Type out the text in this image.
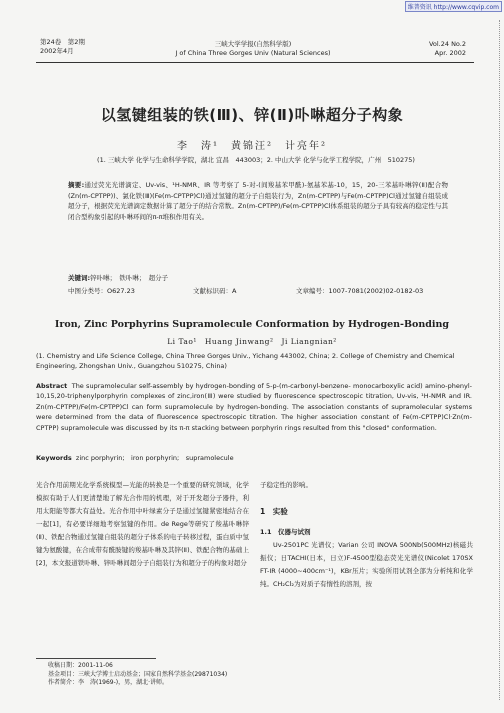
维普资讯 http://www.cqvip.com
第24卷　第2期
2002年4月
三峡大学学报(自然科学版)
J of China Three Gorges Univ (Natural Sciences)
Vol.24 No.2
Apr. 2002
以氢键组装的铁(Ⅲ)、锌(Ⅱ)卟啉超分子构象
李　涛¹　黄锦汪²　计亮年²
(1. 三峡大学 化学与生命科学学院，湖北 宜昌　443003；2. 中山大学 化学与化学工程学院，广州　510275)
摘要:通过荧光光谱滴定、Uv-vis、¹H-NMR、IR 等考察了 5-对-(间羧基苯甲酰)-氨基苯基-10，15，20-三苯基卟啉锌(Ⅱ)配合物(Zn(m-CPTPP))、氯化铁(Ⅲ)(Fe(m-CPTPP)Cl)通过氢键的超分子自组装行为，Zn(m-CPTPP)与Fe(m-CPTPP)Cl通过氢键自组装成超分子，根据荧光光谱滴定数据计算了超分子的结合常数。Zn(m-CPTPP)/Fe(m-CPTPP)Cl体系组装的超分子具有较高的稳定性与其闭合型构象引起的卟啉环间的π-π堆积作用有关。
关键词:锌卟啉；　铁卟啉；　超分子
中图分类号：O627.23	文献标识码：A	文章编号：1007-7081(2002)02-0182-03
Iron, Zinc Porphyrins Supramolecule Conformation by Hydrogen-Bonding
Li Tao¹　Huang Jinwang²　Ji Liangnian²
(1. Chemistry and Life Science College, China Three Gorges Univ., Yichang 443002, China; 2. College of Chemistry and Chemical Engineering, Zhongshan Univ., Guangzhou 510275, China)
Abstract The supramolecular self-assembly by hydrogen-bonding of 5-p-(m-carbonyl-benzene- monocarboxylic acid) amino-phenyl-10,15,20-triphenylporphyrin complexes of zinc,iron(Ⅲ) were studied by fluorescence spectroscopic titration, Uv-vis, ¹H-NMR and IR. Zn(m-CPTPP)/Fe(m-CPTPP)Cl can form supramolecule by hydrogen-bonding. The association constants of supramolecular systems were determined from the data of fluorescence spectroscopic titration. The higher association constant of Fe(m-CPTPP)Cl·Zn(m-CPTPP) supramolecule was discussed by its π-π stacking between porphyrin rings resulted from this "closed" conformation.
Keywords zinc porphyrin;　iron porphyrin;　supramolecule
光合作用前期光化学系统模型—光能的转换是一个重要的研究领域，化学模拟有助于人们更清楚地了解光合作用的机理，对于开发超分子器件，利用太阳能等都大有益处。光合作用中叶绿素分子是通过氢键紧密地结合在一起[1]，有必要详细地考察氢键的作用。de Rege等研究了羧基卟啉锌(Ⅱ)、铁配合物通过氢键自组装的超分子体系的电子转移过程，蛋白质中氢键为氨酸键，在合成带有酰胺键的羧基卟啉及其锌(Ⅱ)、铁配合物的基础上[2]，本文报道铁卟啉、锌卟啉间超分子自组装行为和超分子的构象对超分
子稳定性的影响。
1　实验
1.1　仪器与试剂
Uv-2501PC 光谱仪；Varian 公司 INOVA 500Nb(500MHz)核磁共振仪；日TACHI(日本，日立)F-4500型稳态荧光光谱仪(Nicolet 170SX FT-IR (4000~400cm⁻¹)，KBr压片；实验所用试剂全部为分析纯和化学纯。CH₂Cl₂为对质子有惰性的溶剂，按
收稿日期：2001-11-06
基金项目：三峡大学博士启动基金；国家自然科学基金(29871034)
作者简介：李　涛(1969-)，男，湖北·讲师。
